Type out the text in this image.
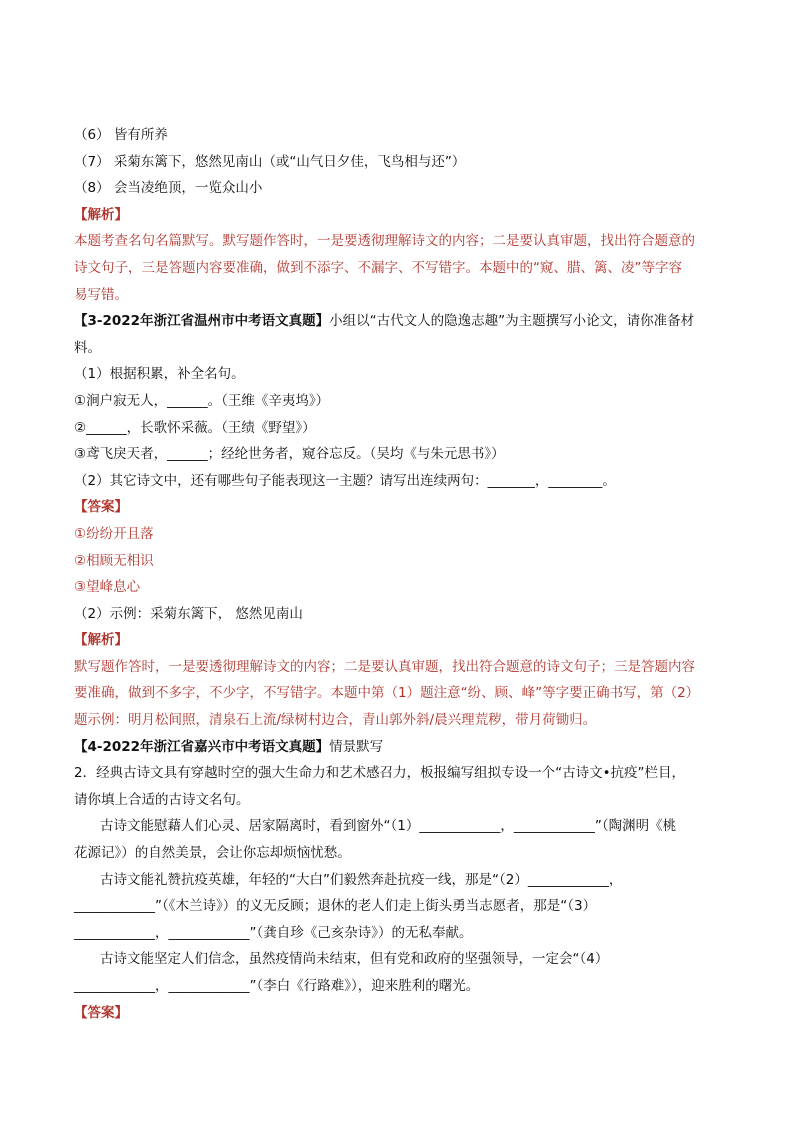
（6） 皆有所养
（7） 采菊东篱下，悠然见南山（或“山气日夕佳，飞鸟相与还”）
（8） 会当凌绝顶，一览众山小
【解析】
本题考查名句名篇默写。默写题作答时，一是要透彻理解诗文的内容；二是要认真审题，找出符合题意的
诗文句子，三是答题内容要准确，做到不添字、不漏字、不写错字。本题中的“窥、腊、篱、凌”等字容
易写错。
【3-2022年浙江省温州市中考语文真题】小组以“古代文人的隐逸志趣”为主题撰写小论文，请你准备材
料。
（1）根据积累，补全名句。
①涧户寂无人，______。（王维《辛夷坞》）
②______，长歌怀采薇。（王绩《野望》）
③鸢飞戾天者，______；经纶世务者，窥谷忘反。（吴均《与朱元思书》）
（2）其它诗文中，还有哪些句子能表现这一主题？请写出连续两句：_______，________。
【答案】
①纷纷开且落
②相顾无相识
③望峰息心
（2）示例：采菊东篱下， 悠然见南山
【解析】
默写题作答时，一是要透彻理解诗文的内容；二是要认真审题，找出符合题意的诗文句子；三是答题内容
要准确，做到不多字，不少字，不写错字。本题中第（1）题注意“纷、顾、峰”等字要正确书写，第（2）
题示例：明月松间照，清泉石上流/绿树村边合，青山郭外斜/晨兴理荒秽，带月荷锄归。
【4-2022年浙江省嘉兴市中考语文真题】情景默写
2．经典古诗文具有穿越时空的强大生命力和艺术感召力，板报编写组拟专设一个“古诗文•抗疫”栏目，
请你填上合适的古诗文名句。
古诗文能慰藉人们心灵、居家隔离时，看到窗外“（1）____________，____________”（陶渊明《桃
花源记》）的自然美景，会让你忘却烦恼忧愁。
古诗文能礼赞抗疫英雄，年轻的“大白”们毅然奔赴抗疫一线，那是“（2）____________，
____________”（《木兰诗》）的义无反顾；退休的老人们走上街头勇当志愿者，那是“（3）
____________，____________”（龚自珍《己亥杂诗》）的无私奉献。
古诗文能坚定人们信念，虽然疫情尚未结束，但有党和政府的坚强领导，一定会“（4）
____________，____________”（李白《行路难》），迎来胜利的曙光。
【答案】
